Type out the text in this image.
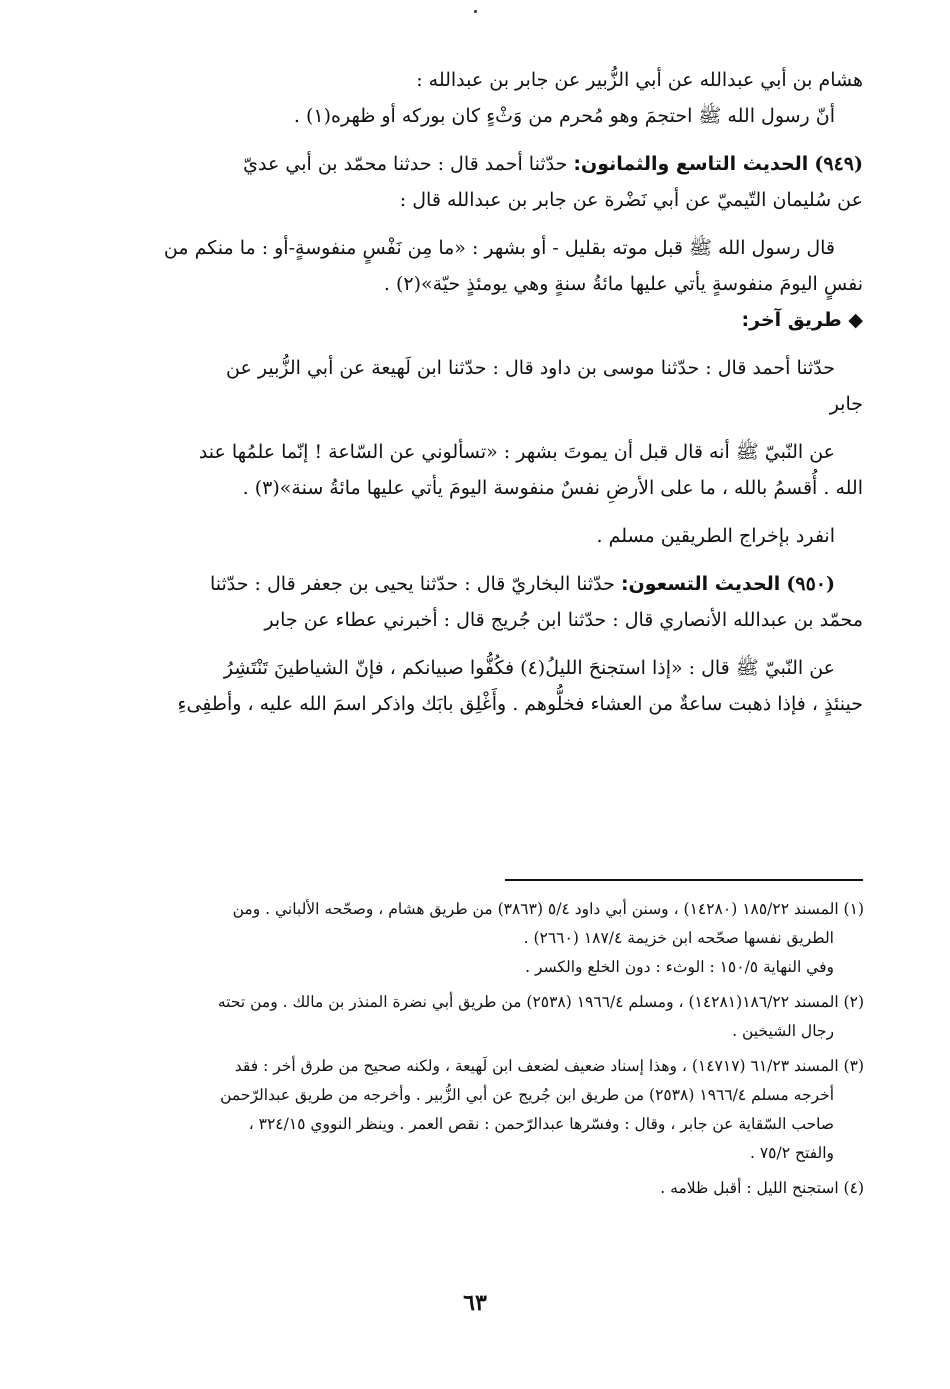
هشام بن أبي عبدالله عن أبي الزُّبير عن جابر بن عبدالله :
أنّ رسول الله ﷺ احتجمَ وهو مُحرم من وَثْءٍ كان بوركه أو ظهره(١) .
(٩٤٩) الحديث التاسع والثمانون: حدّثنا أحمد قال : حدثنا محمّد بن أبي عديّ
عن سُليمان التّيميّ عن أبي نَضْرة عن جابر بن عبدالله قال :
قال رسول الله ﷺ قبل موته بقليل - أو بشهر : «ما مِن نَفْسٍ منفوسةٍ-أو : ما منكم من
نفسٍ اليومَ منفوسةٍ يأتي عليها مائةُ سنةٍ وهي يومئذٍ حيّة»(٢) .
◆ طريق آخر:
حدّثنا أحمد قال : حدّثنا موسى بن داود قال : حدّثنا ابن لَهيعة عن أبي الزُّبير عن
جابر
عن النّبيّ ﷺ أنه قال قبل أن يموتَ بشهر : «تسألوني عن السّاعة ! إنّما علمُها عند
الله . أُقسمُ بالله ، ما على الأرضِ نفسٌ منفوسة اليومَ يأتي عليها مائةُ سنة»(٣) .
انفرد بإخراج الطريقين مسلم .
(٩٥٠) الحديث التسعون: حدّثنا البخاريّ قال : حدّثنا يحيى بن جعفر قال : حدّثنا
محمّد بن عبدالله الأنصاري قال : حدّثنا ابن جُريج قال : أخبرني عطاء عن جابر
عن النّبيّ ﷺ قال : «إذا استجنحَ الليلُ(٤) فكُفُّوا صبيانكم ، فإنّ الشياطينَ تَنْتَشِرُ
حينئذٍ ، فإذا ذهبت ساعةٌ من العشاء فخلُّوهم . وأَغْلِق بابَك واذكر اسمَ الله عليه ، وأطفِىءِ
(١) المسند ١٨٥/٢٢ (١٤٢٨٠) ، وسنن أبي داود ٥/٤ (٣٨٦٣) من طريق هشام ، وصحّحه الألباني . ومن
الطريق نفسها صحّحه ابن خزيمة ١٨٧/٤ (٢٦٦٠) .
وفي النهاية ١٥٠/٥ : الوثء : دون الخلع والكسر .
(٢) المسند ١٨٦/٢٢(١٤٢٨١) ، ومسلم ١٩٦٦/٤ (٢٥٣٨) من طريق أبي نضرة المنذر بن مالك . ومن تحته
رجال الشيخين .
(٣) المسند ٦١/٢٣ (١٤٧١٧) ، وهذا إسناد ضعيف لضعف ابن لَهيعة ، ولكنه صحيح من طرق أخر : فقد
أخرجه مسلم ١٩٦٦/٤ (٢٥٣٨) من طريق ابن جُريج عن أبي الزُّبير . وأخرجه من طريق عبدالرّحمن
صاحب السّقاية عن جابر ، وقال : وفسّرها عبدالرّحمن : نقص العمر . وينظر النووي ٣٢٤/١٥ ،
والفتح ٧٥/٢ .
(٤) استجنح الليل : أقبل ظلامه .
٦٣
